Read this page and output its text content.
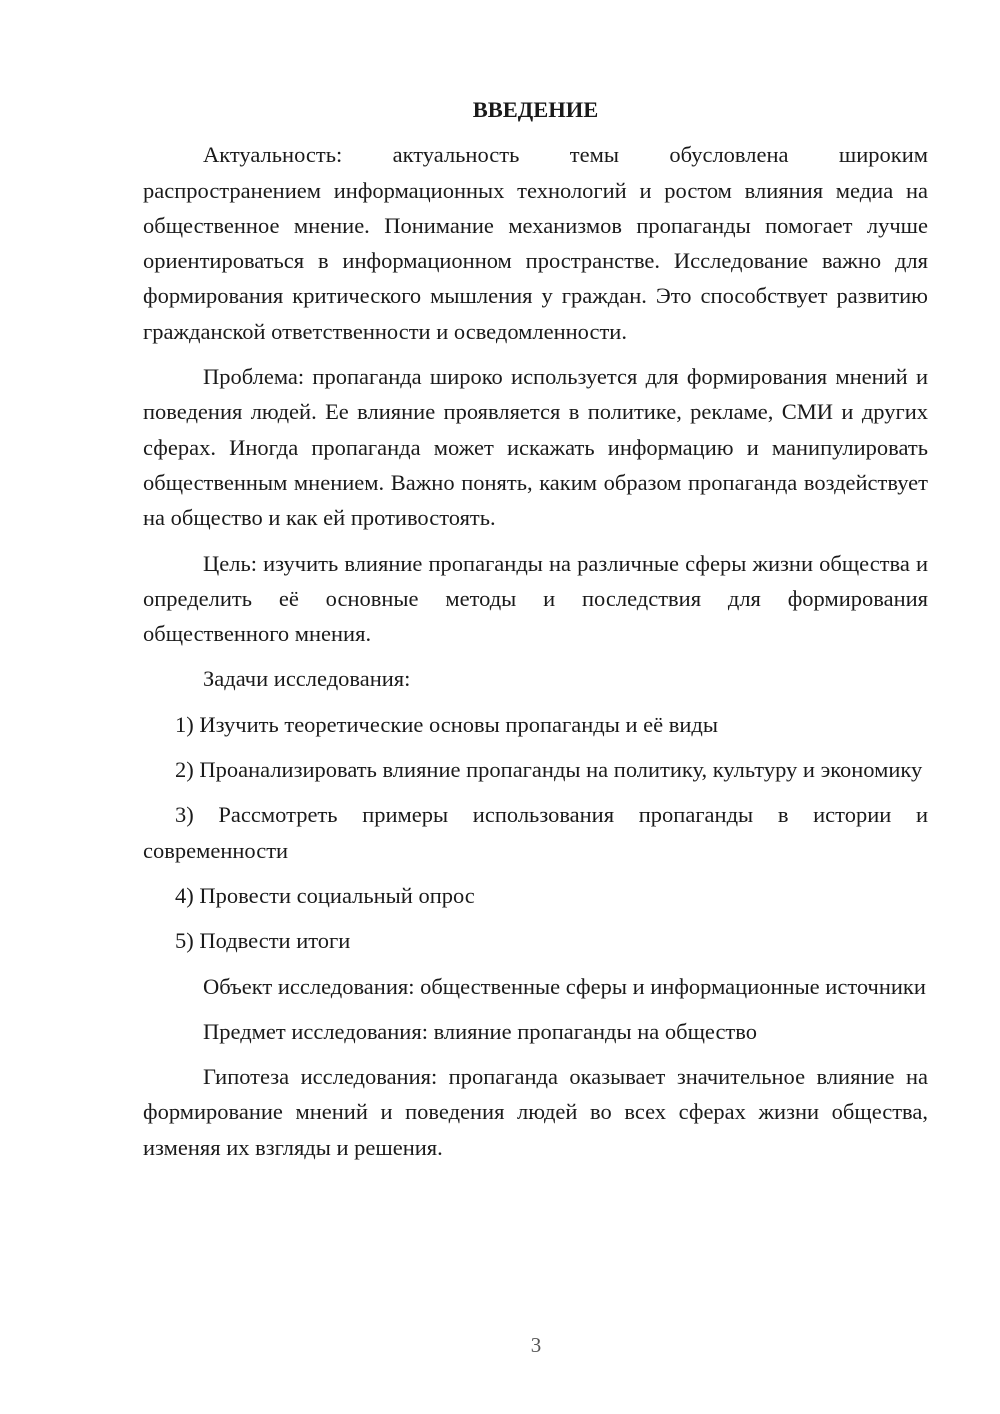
ВВЕДЕНИЕ

Актуальность: актуальность темы обусловлена широким распространением информационных технологий и ростом влияния медиа на общественное мнение. Понимание механизмов пропаганды помогает лучше ориентироваться в информационном пространстве. Исследование важно для формирования критического мышления у граждан. Это способствует развитию гражданской ответственности и осведомленности.

Проблема: пропаганда широко используется для формирования мнений и поведения людей. Ее влияние проявляется в политике, рекламе, СМИ и других сферах. Иногда пропаганда может искажать информацию и манипулировать общественным мнением. Важно понять, каким образом пропаганда воздействует на общество и как ей противостоять.

Цель: изучить влияние пропаганды на различные сферы жизни общества и определить её основные методы и последствия для формирования общественного мнения.

Задачи исследования:

1) Изучить теоретические основы пропаганды и её виды

2) Проанализировать влияние пропаганды на политику, культуру и экономику

3) Рассмотреть примеры использования пропаганды в истории и современности

4) Провести социальный опрос

5) Подвести итоги

Объект исследования: общественные сферы и информационные источники

Предмет исследования: влияние пропаганды на общество

Гипотеза исследования: пропаганда оказывает значительное влияние на формирование мнений и поведения людей во всех сферах жизни общества, изменяя их взгляды и решения.

3
